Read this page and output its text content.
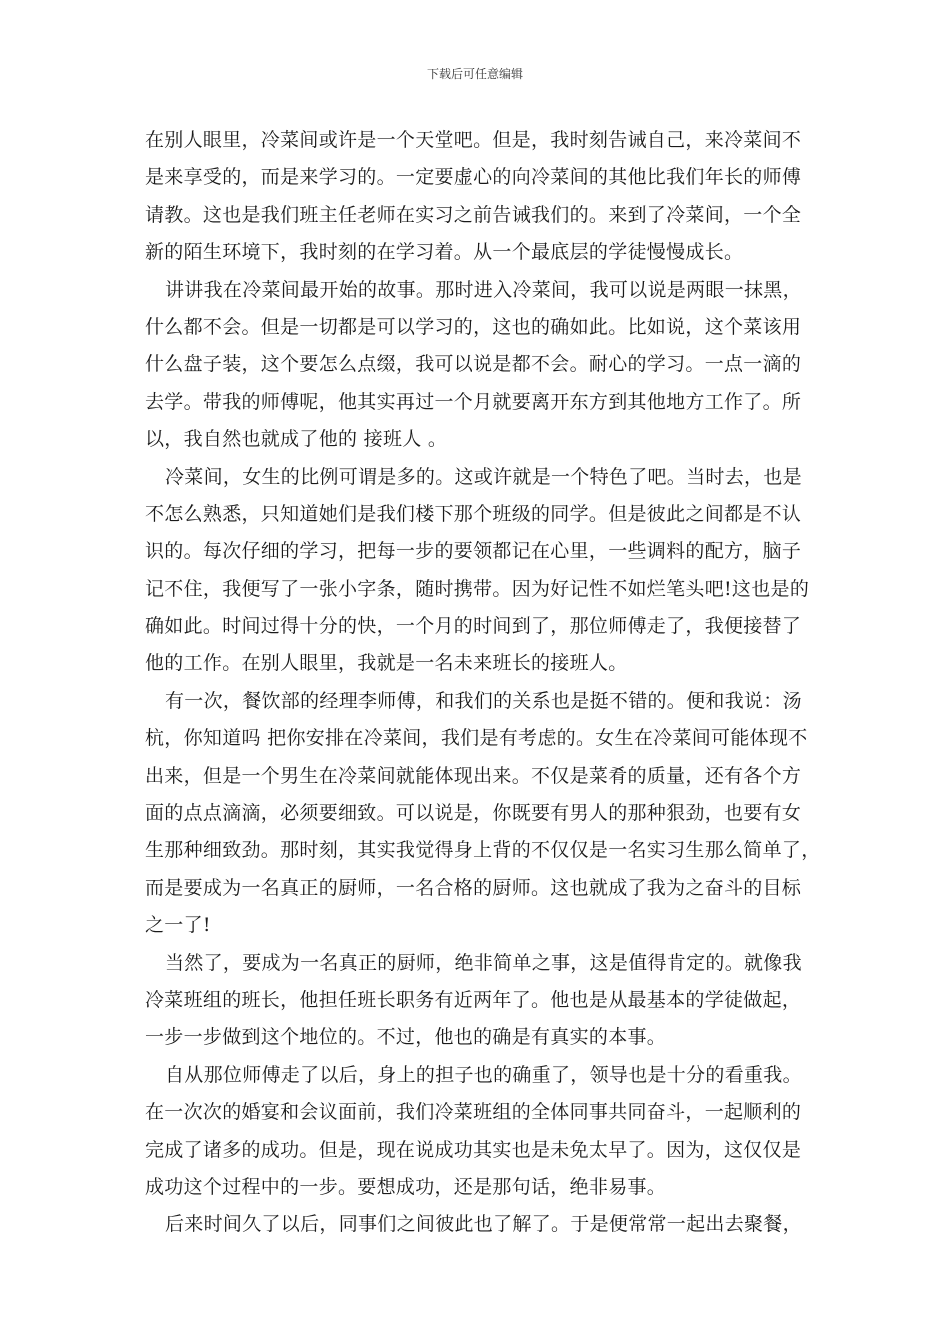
下载后可任意编辑
在别人眼里，冷菜间或许是一个天堂吧。但是，我时刻告诫自己，来冷菜间不
是来享受的，而是来学习的。一定要虚心的向冷菜间的其他比我们年长的师傅
请教。这也是我们班主任老师在实习之前告诫我们的。来到了冷菜间，一个全
新的陌生环境下，我时刻的在学习着。从一个最底层的学徒慢慢成长。
讲讲我在冷菜间最开始的故事。那时进入冷菜间，我可以说是两眼一抹黑，
什么都不会。但是一切都是可以学习的，这也的确如此。比如说，这个菜该用
什么盘子装，这个要怎么点缀，我可以说是都不会。耐心的学习。一点一滴的
去学。带我的师傅呢，他其实再过一个月就要离开东方到其他地方工作了。所
以，我自然也就成了他的 接班人 。
冷菜间，女生的比例可谓是多的。这或许就是一个特色了吧。当时去，也是
不怎么熟悉，只知道她们是我们楼下那个班级的同学。但是彼此之间都是不认
识的。每次仔细的学习，把每一步的要领都记在心里，一些调料的配方，脑子
记不住，我便写了一张小字条，随时携带。因为好记性不如烂笔头吧!这也是的
确如此。时间过得十分的快，一个月的时间到了，那位师傅走了，我便接替了
他的工作。在别人眼里，我就是一名未来班长的接班人。
有一次，餐饮部的经理李师傅，和我们的关系也是挺不错的。便和我说：汤
杭，你知道吗 把你安排在冷菜间，我们是有考虑的。女生在冷菜间可能体现不
出来，但是一个男生在冷菜间就能体现出来。不仅是菜肴的质量，还有各个方
面的点点滴滴，必须要细致。可以说是，你既要有男人的那种狠劲，也要有女
生那种细致劲。那时刻，其实我觉得身上背的不仅仅是一名实习生那么简单了，
而是要成为一名真正的厨师，一名合格的厨师。这也就成了我为之奋斗的目标
之一了!
当然了，要成为一名真正的厨师，绝非简单之事，这是值得肯定的。就像我
冷菜班组的班长，他担任班长职务有近两年了。他也是从最基本的学徒做起，
一步一步做到这个地位的。不过，他也的确是有真实的本事。
自从那位师傅走了以后，身上的担子也的确重了，领导也是十分的看重我。
在一次次的婚宴和会议面前，我们冷菜班组的全体同事共同奋斗，一起顺利的
完成了诸多的成功。但是，现在说成功其实也是未免太早了。因为，这仅仅是
成功这个过程中的一步。要想成功，还是那句话，绝非易事。
后来时间久了以后，同事们之间彼此也了解了。于是便常常一起出去聚餐，
